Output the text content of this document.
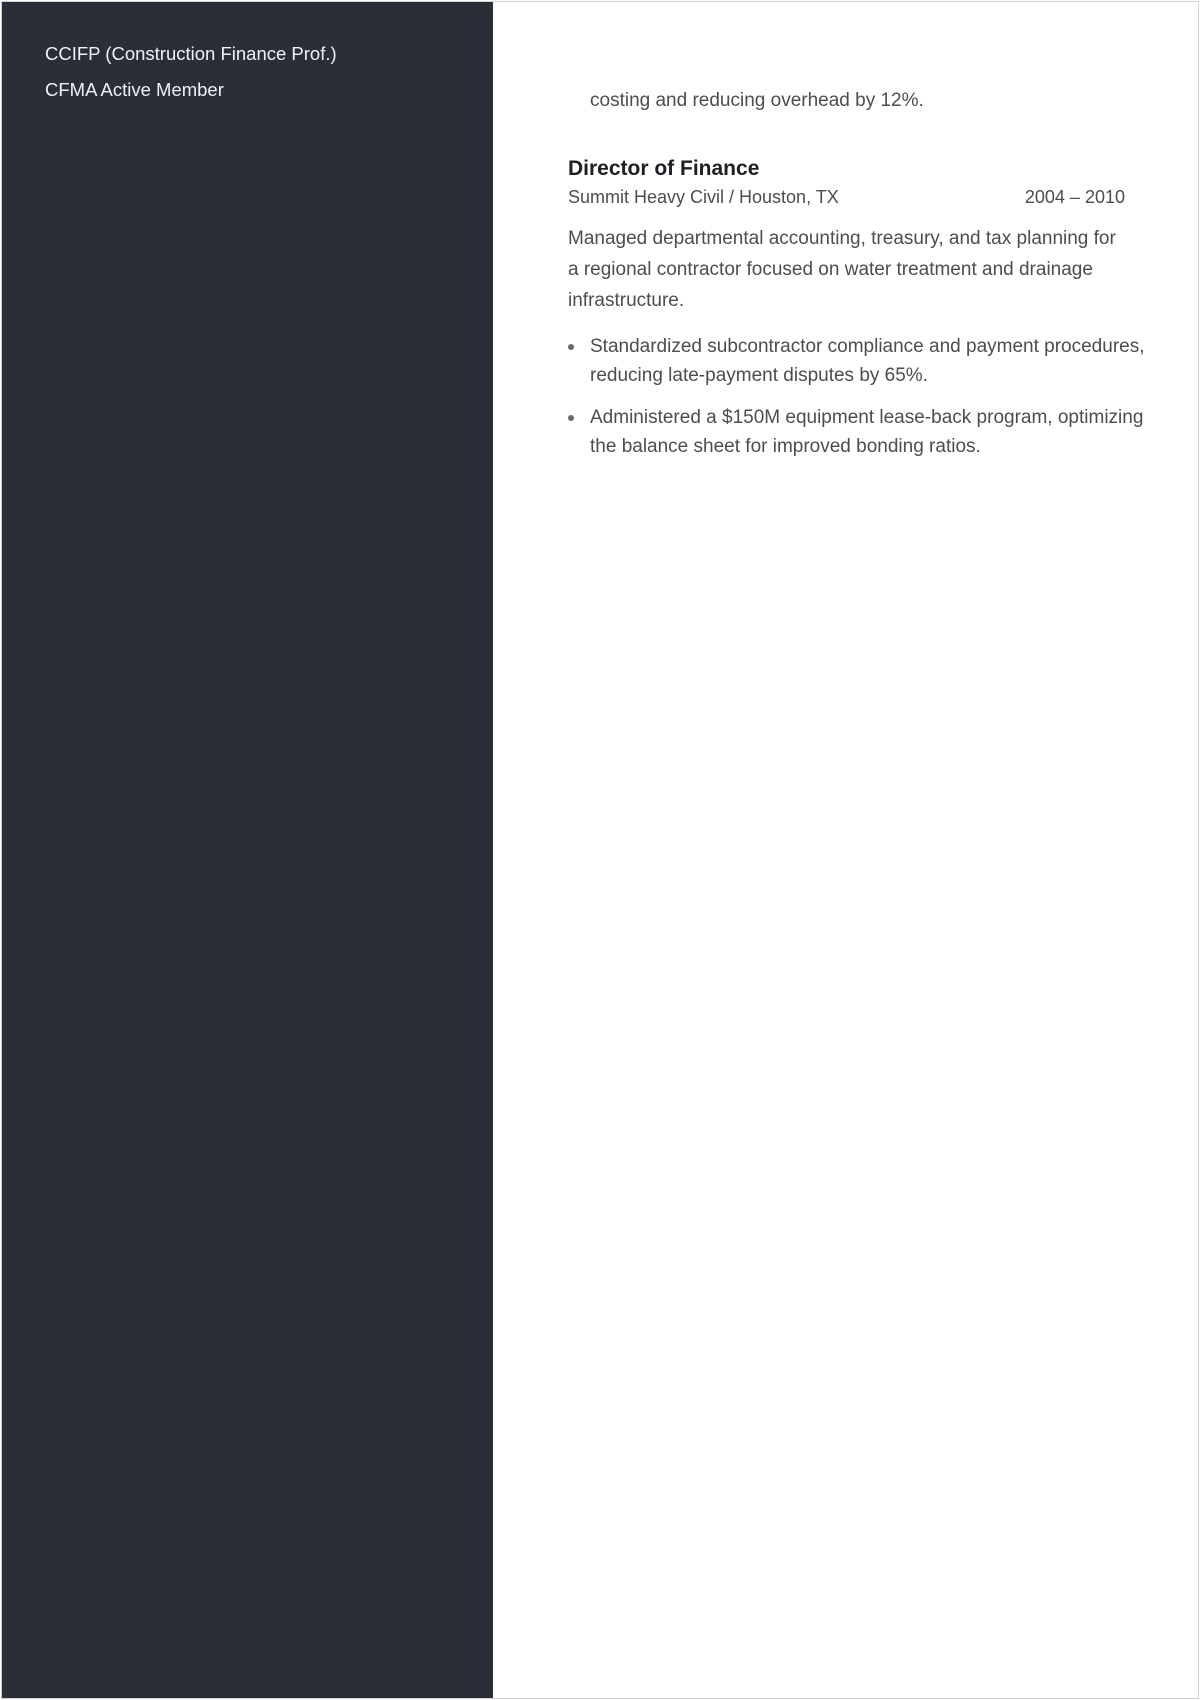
CCIFP (Construction Finance Prof.)
CFMA Active Member

costing and reducing overhead by 12%.

Director of Finance
Summit Heavy Civil / Houston, TX	2004 – 2010

Managed departmental accounting, treasury, and tax planning for a regional contractor focused on water treatment and drainage infrastructure.

Standardized subcontractor compliance and payment procedures, reducing late-payment disputes by 65%.
Administered a $150M equipment lease-back program, optimizing the balance sheet for improved bonding ratios.
